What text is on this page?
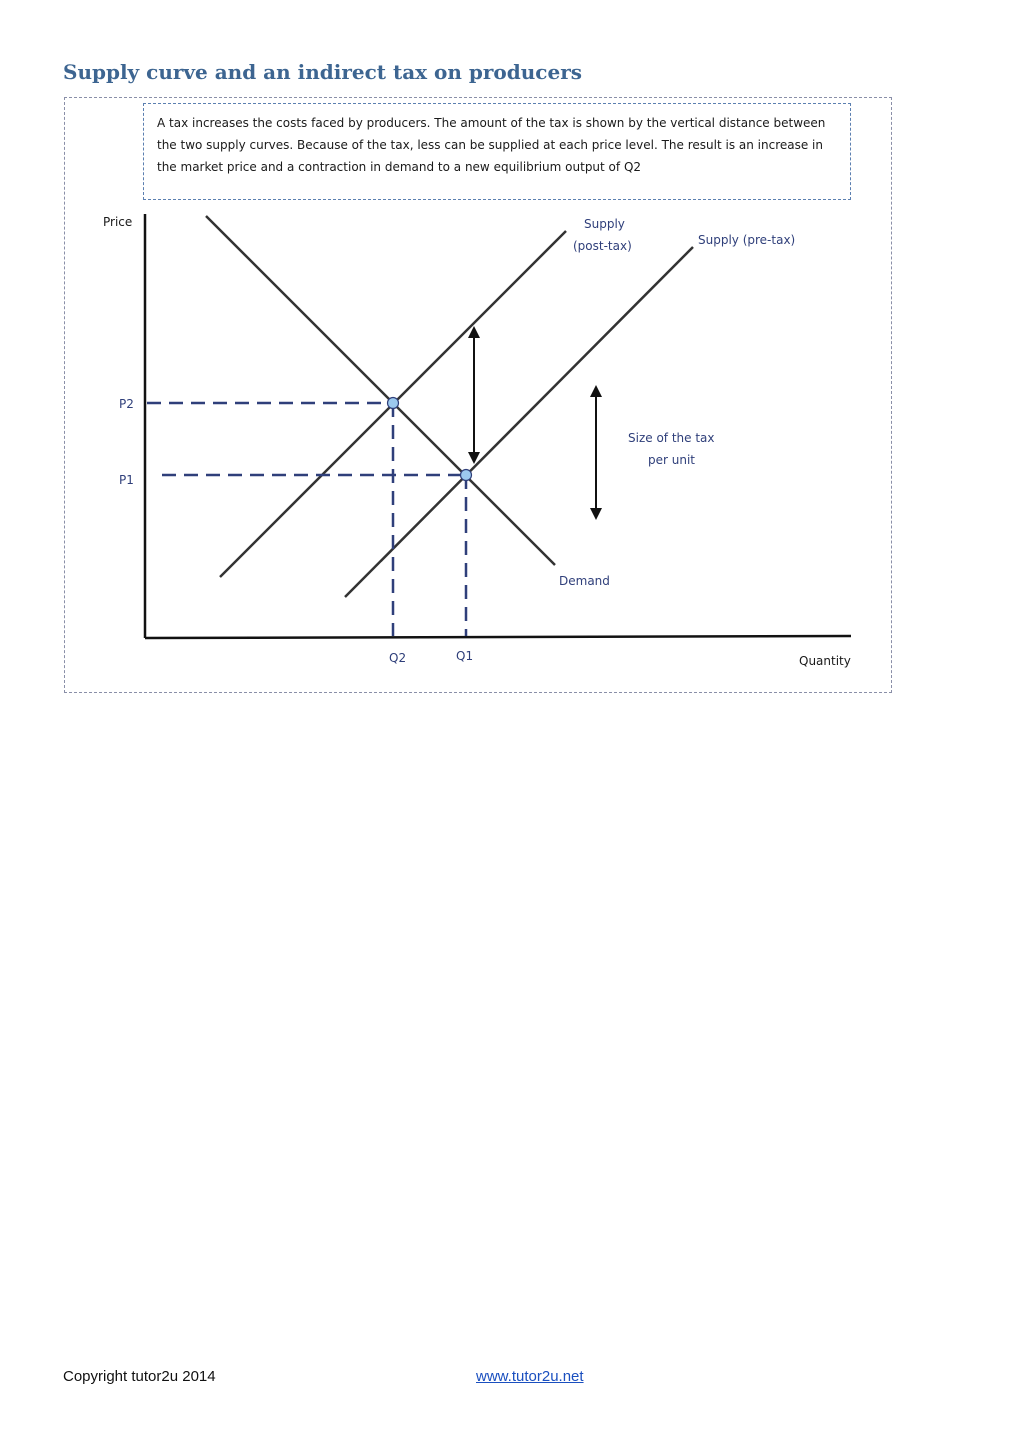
Supply curve and an indirect tax on producers
A tax increases the costs faced by producers. The amount of the tax is shown by the vertical distance between the two supply curves. Because of the tax, less can be supplied at each price level. The result is an increase in the market price and a contraction in demand to a new equilibrium output of Q2
Price
Quantity
P2
P1
Q2	Q1
Supply
(post-tax)	Supply (pre-tax)
Demand
Size of the tax
per unit
Copyright tutor2u 2014	www.tutor2u.net
